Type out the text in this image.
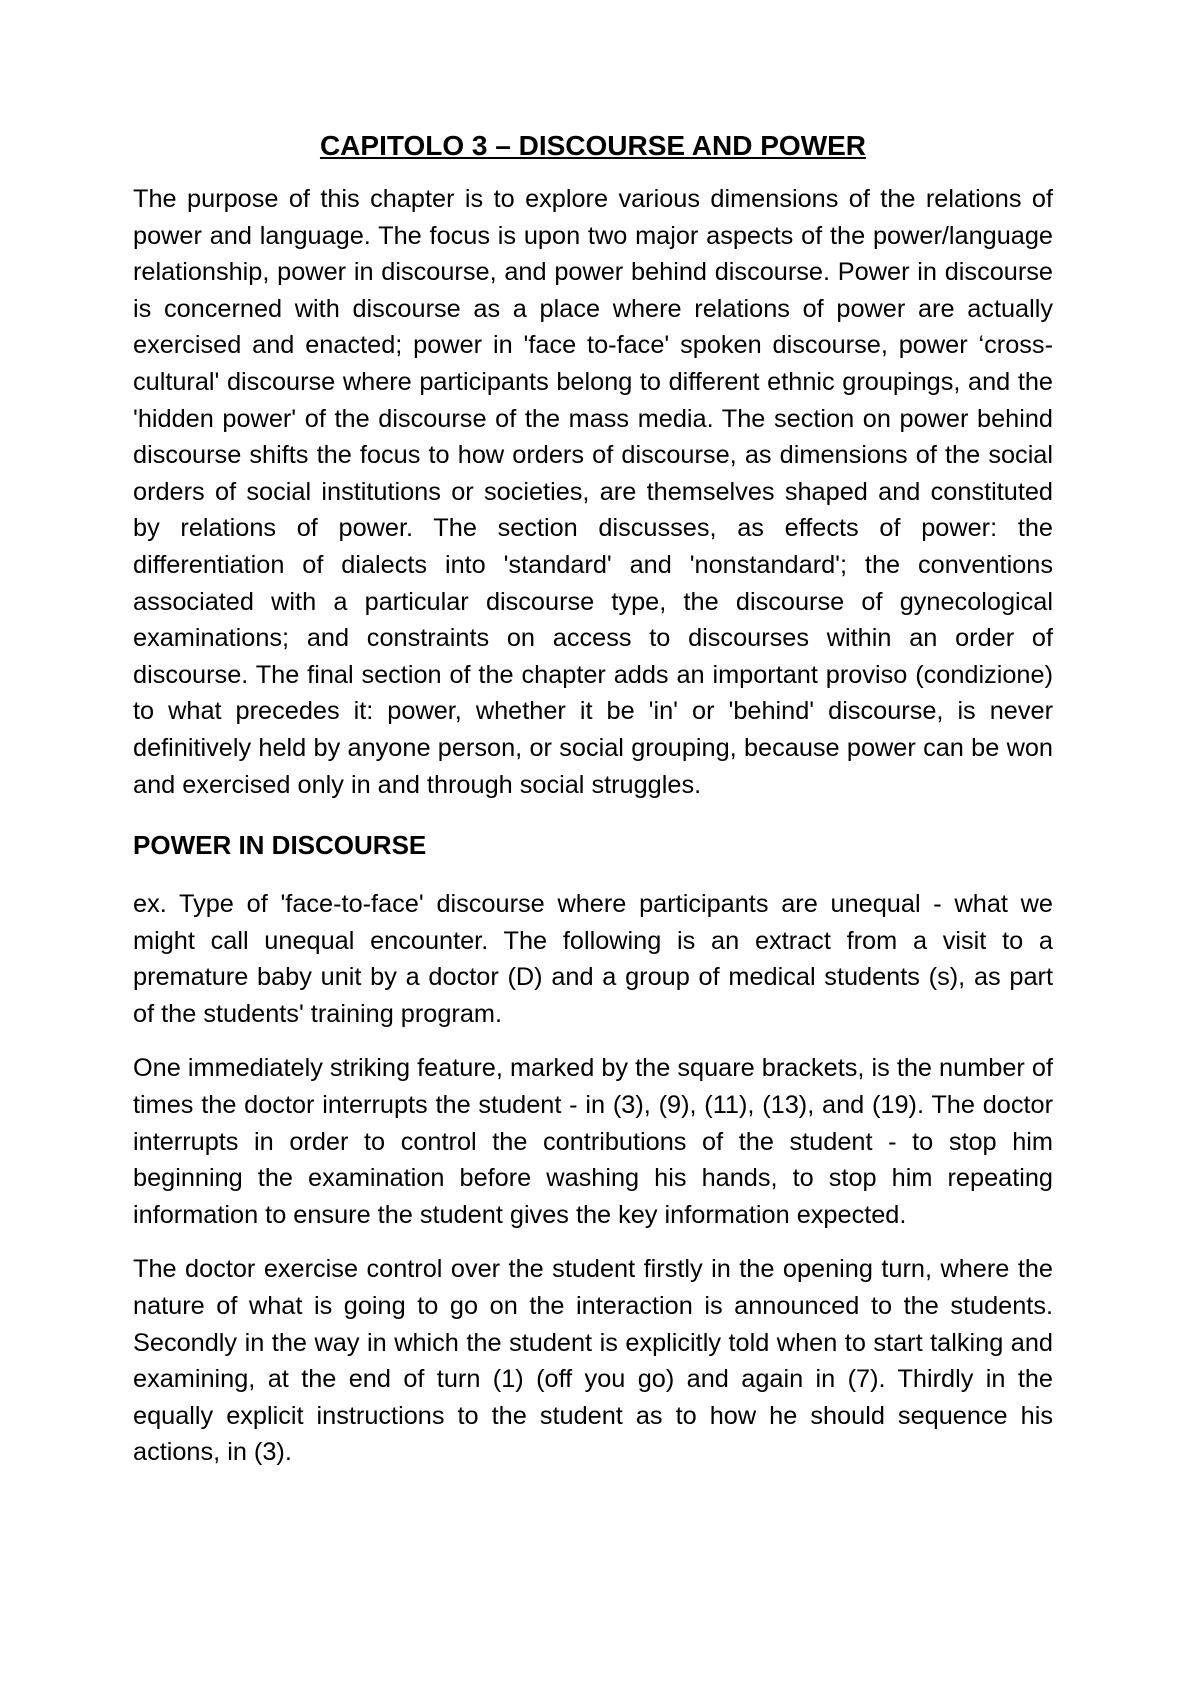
CAPITOLO 3 – DISCOURSE AND POWER

The purpose of this chapter is to explore various dimensions of the relations of power and language. The focus is upon two major aspects of the power/language relationship, power in discourse, and power behind discourse. Power in discourse is concerned with discourse as a place where relations of power are actually exercised and enacted; power in 'face to-face' spoken discourse, power ‘cross-cultural' discourse where participants belong to different ethnic groupings, and the 'hidden power' of the discourse of the mass media. The section on power behind discourse shifts the focus to how orders of discourse, as dimensions of the social orders of social institutions or societies, are themselves shaped and constituted by relations of power. The section discusses, as effects of power: the differentiation of dialects into 'standard' and 'nonstandard'; the conventions associated with a particular discourse type, the discourse of gynecological examinations; and constraints on access to discourses within an order of discourse. The final section of the chapter adds an important proviso (condizione) to what precedes it: power, whether it be 'in' or 'behind' discourse, is never definitively held by anyone person, or social grouping, because power can be won and exercised only in and through social struggles.

POWER IN DISCOURSE

ex. Type of 'face-to-face' discourse where participants are unequal - what we might call unequal encounter. The following is an extract from a visit to a premature baby unit by a doctor (D) and a group of medical students (s), as part of the students' training program.

One immediately striking feature, marked by the square brackets, is the number of times the doctor interrupts the student - in (3), (9), (11), (13), and (19). The doctor interrupts in order to control the contributions of the student - to stop him beginning the examination before washing his hands, to stop him repeating information to ensure the student gives the key information expected.

The doctor exercise control over the student firstly in the opening turn, where the nature of what is going to go on the interaction is announced to the students. Secondly in the way in which the student is explicitly told when to start talking and examining, at the end of turn (1) (off you go) and again in (7). Thirdly in the equally explicit instructions to the student as to how he should sequence his actions, in (3).
